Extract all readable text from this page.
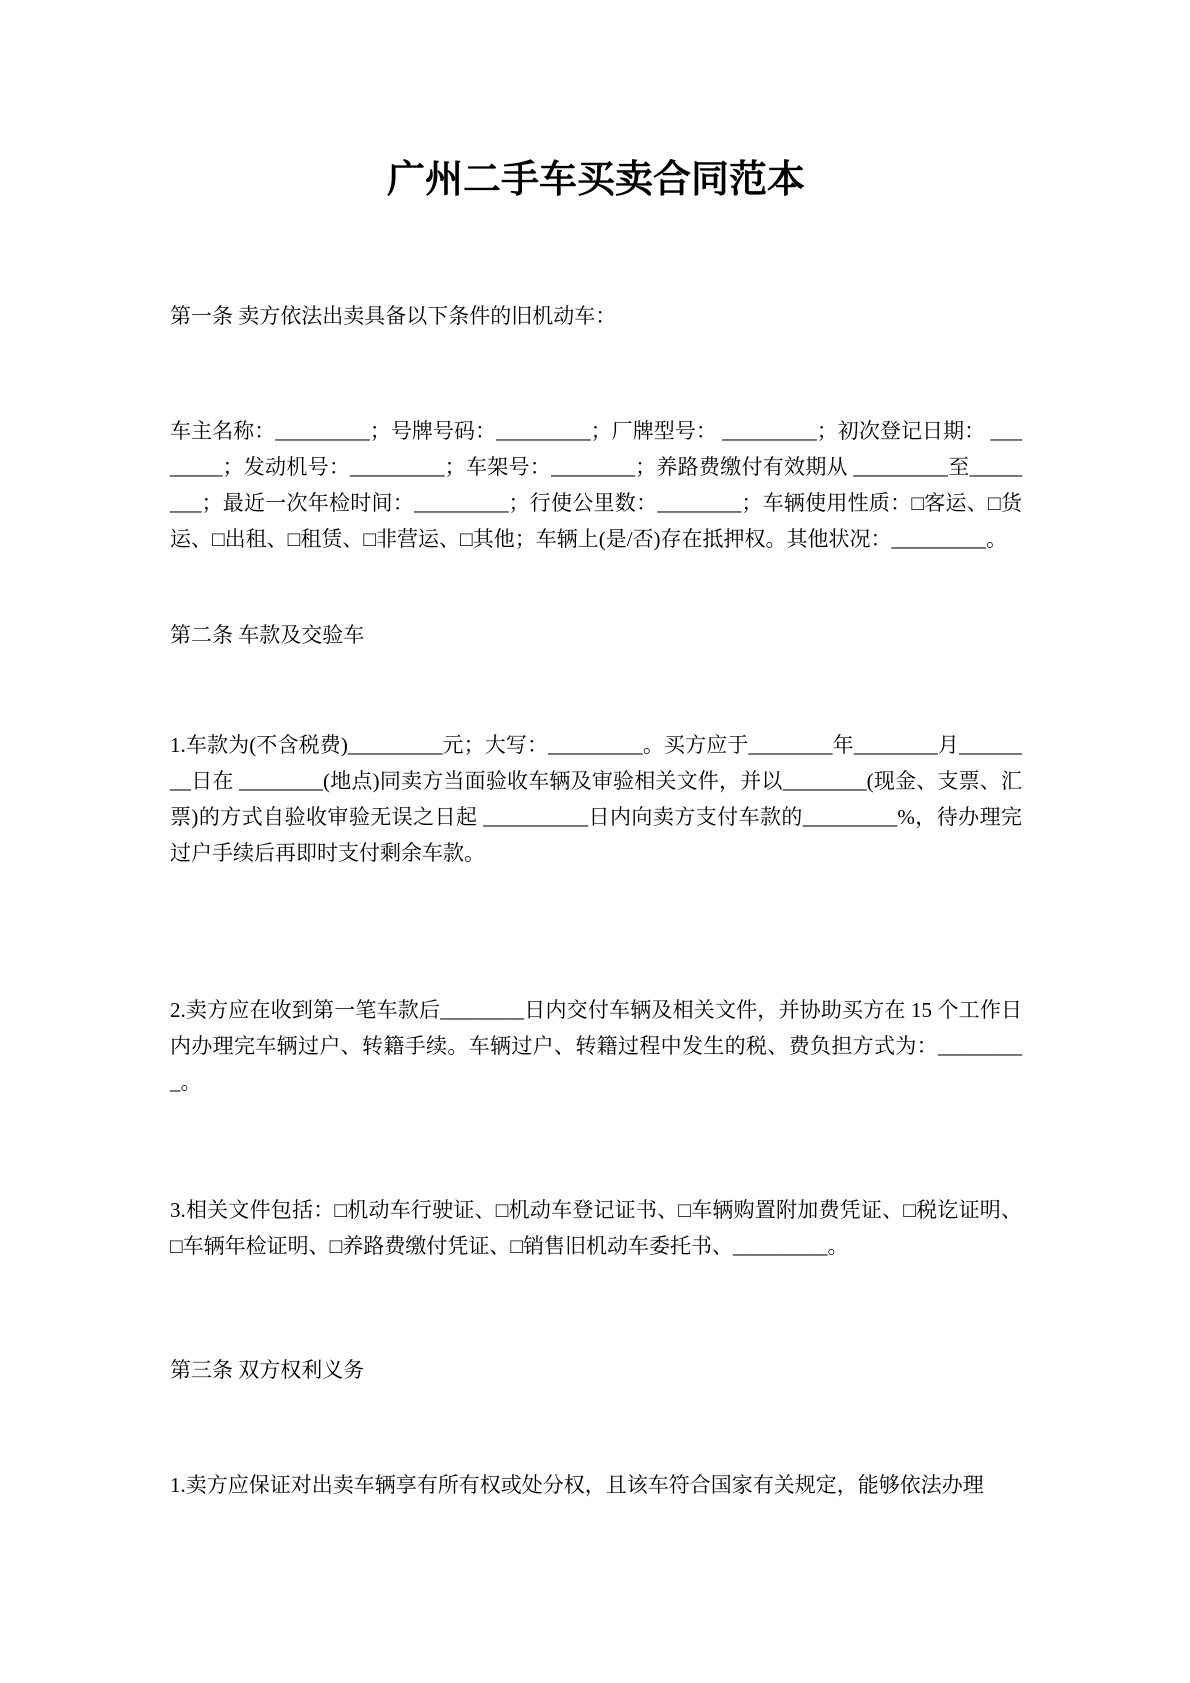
广州二手车买卖合同范本

第一条 卖方依法出卖具备以下条件的旧机动车：

车主名称：_________；号牌号码：_________；厂牌型号： _________；初次登记日期： ________；发动机号：_________；车架号：________；养路费缴付有效期从 _________至________；最近一次年检时间：_________；行使公里数：________；车辆使用性质：□客运、□货运、□出租、□租赁、□非营运、□其他；车辆上(是/否)存在抵押权。其他状况：_________。

第二条 车款及交验车

1.车款为(不含税费)_________元；大写：_________。买方应于________年________月________日在 ________(地点)同卖方当面验收车辆及审验相关文件，并以________(现金、支票、汇票)的方式自验收审验无误之日起 __________日内向卖方支付车款的_________%，待办理完过户手续后再即时支付剩余车款。

2.卖方应在收到第一笔车款后________日内交付车辆及相关文件，并协助买方在 15 个工作日内办理完车辆过户、转籍手续。车辆过户、转籍过程中发生的税、费负担方式为：_________。

3.相关文件包括：□机动车行驶证、□机动车登记证书、□车辆购置附加费凭证、□税讫证明、□车辆年检证明、□养路费缴付凭证、□销售旧机动车委托书、_________。

第三条 双方权利义务

1.卖方应保证对出卖车辆享有所有权或处分权，且该车符合国家有关规定，能够依法办理
